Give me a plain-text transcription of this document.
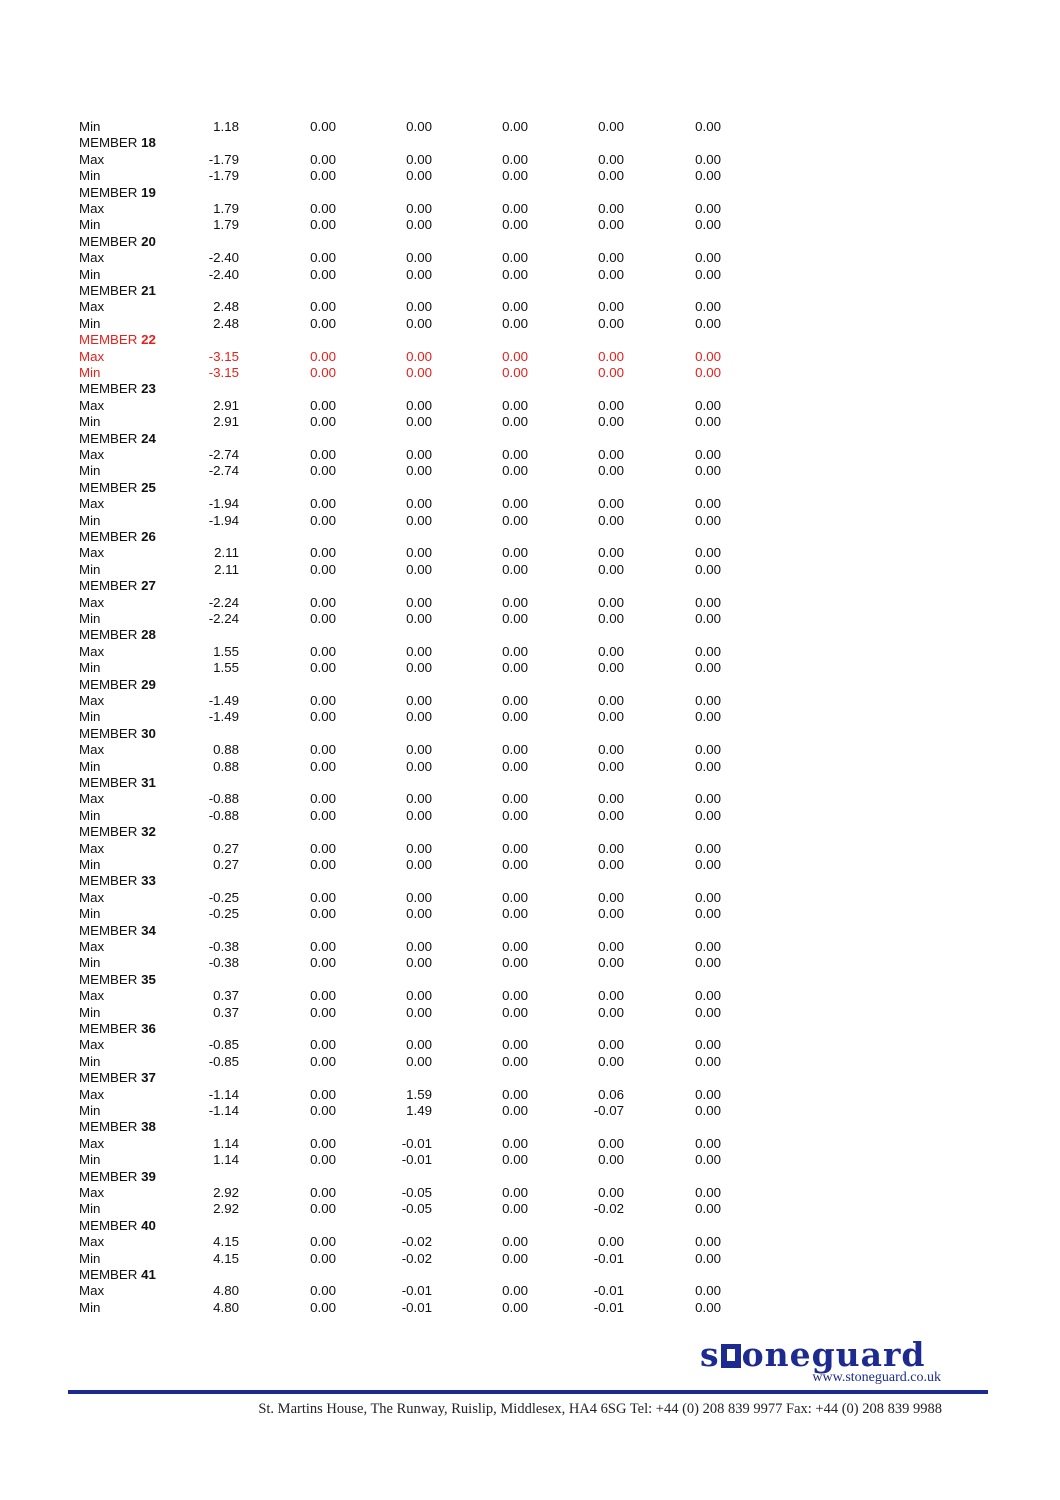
Min	1.18	0.00	0.00	0.00	0.00	0.00
MEMBER 18
Max	-1.79	0.00	0.00	0.00	0.00	0.00
Min	-1.79	0.00	0.00	0.00	0.00	0.00
MEMBER 19
Max	1.79	0.00	0.00	0.00	0.00	0.00
Min	1.79	0.00	0.00	0.00	0.00	0.00
MEMBER 20
Max	-2.40	0.00	0.00	0.00	0.00	0.00
Min	-2.40	0.00	0.00	0.00	0.00	0.00
MEMBER 21
Max	2.48	0.00	0.00	0.00	0.00	0.00
Min	2.48	0.00	0.00	0.00	0.00	0.00
MEMBER 22
Max	-3.15	0.00	0.00	0.00	0.00	0.00
Min	-3.15	0.00	0.00	0.00	0.00	0.00
MEMBER 23
Max	2.91	0.00	0.00	0.00	0.00	0.00
Min	2.91	0.00	0.00	0.00	0.00	0.00
MEMBER 24
Max	-2.74	0.00	0.00	0.00	0.00	0.00
Min	-2.74	0.00	0.00	0.00	0.00	0.00
MEMBER 25
Max	-1.94	0.00	0.00	0.00	0.00	0.00
Min	-1.94	0.00	0.00	0.00	0.00	0.00
MEMBER 26
Max	2.11	0.00	0.00	0.00	0.00	0.00
Min	2.11	0.00	0.00	0.00	0.00	0.00
MEMBER 27
Max	-2.24	0.00	0.00	0.00	0.00	0.00
Min	-2.24	0.00	0.00	0.00	0.00	0.00
MEMBER 28
Max	1.55	0.00	0.00	0.00	0.00	0.00
Min	1.55	0.00	0.00	0.00	0.00	0.00
MEMBER 29
Max	-1.49	0.00	0.00	0.00	0.00	0.00
Min	-1.49	0.00	0.00	0.00	0.00	0.00
MEMBER 30
Max	0.88	0.00	0.00	0.00	0.00	0.00
Min	0.88	0.00	0.00	0.00	0.00	0.00
MEMBER 31
Max	-0.88	0.00	0.00	0.00	0.00	0.00
Min	-0.88	0.00	0.00	0.00	0.00	0.00
MEMBER 32
Max	0.27	0.00	0.00	0.00	0.00	0.00
Min	0.27	0.00	0.00	0.00	0.00	0.00
MEMBER 33
Max	-0.25	0.00	0.00	0.00	0.00	0.00
Min	-0.25	0.00	0.00	0.00	0.00	0.00
MEMBER 34
Max	-0.38	0.00	0.00	0.00	0.00	0.00
Min	-0.38	0.00	0.00	0.00	0.00	0.00
MEMBER 35
Max	0.37	0.00	0.00	0.00	0.00	0.00
Min	0.37	0.00	0.00	0.00	0.00	0.00
MEMBER 36
Max	-0.85	0.00	0.00	0.00	0.00	0.00
Min	-0.85	0.00	0.00	0.00	0.00	0.00
MEMBER 37
Max	-1.14	0.00	1.59	0.00	0.06	0.00
Min	-1.14	0.00	1.49	0.00	-0.07	0.00
MEMBER 38
Max	1.14	0.00	-0.01	0.00	0.00	0.00
Min	1.14	0.00	-0.01	0.00	0.00	0.00
MEMBER 39
Max	2.92	0.00	-0.05	0.00	0.00	0.00
Min	2.92	0.00	-0.05	0.00	-0.02	0.00
MEMBER 40
Max	4.15	0.00	-0.02	0.00	0.00	0.00
Min	4.15	0.00	-0.02	0.00	-0.01	0.00
MEMBER 41
Max	4.80	0.00	-0.01	0.00	-0.01	0.00
Min	4.80	0.00	-0.01	0.00	-0.01	0.00
s oneguard
www.stoneguard.co.uk
St. Martins House, The Runway, Ruislip, Middlesex, HA4 6SG Tel: +44 (0) 208 839 9977 Fax: +44 (0) 208 839 9988
